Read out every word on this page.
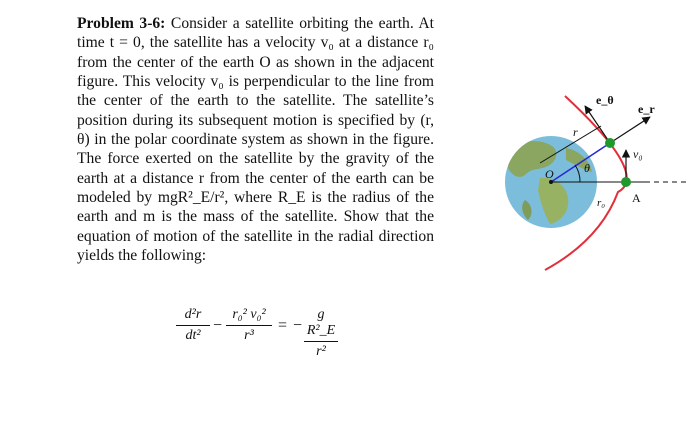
Problem 3-6: Consider a satellite orbiting the earth. At time t = 0, the satellite has a velocity v₀ at a distance r₀ from the center of the earth O as shown in the adjacent figure. This velocity v₀ is perpendicular to the line from the center of the earth to the satellite. The satellite’s position during its subsequent motion is specified by (r, θ) in the polar coordinate system as shown in the figure. The force exerted on the satellite by the gravity of the earth at a distance r from the center of the earth can be modeled by mgR²_E/r², where R_E is the radius of the earth and m is the mass of the satellite. Show that the equation of motion of the satellite in the radial direction yields the following:
d²r
dt²
−
r₀² v₀²
r³
= −
g R²_E
r²
e_θ
e_r
v₀
r
θ
O
r₀ A
